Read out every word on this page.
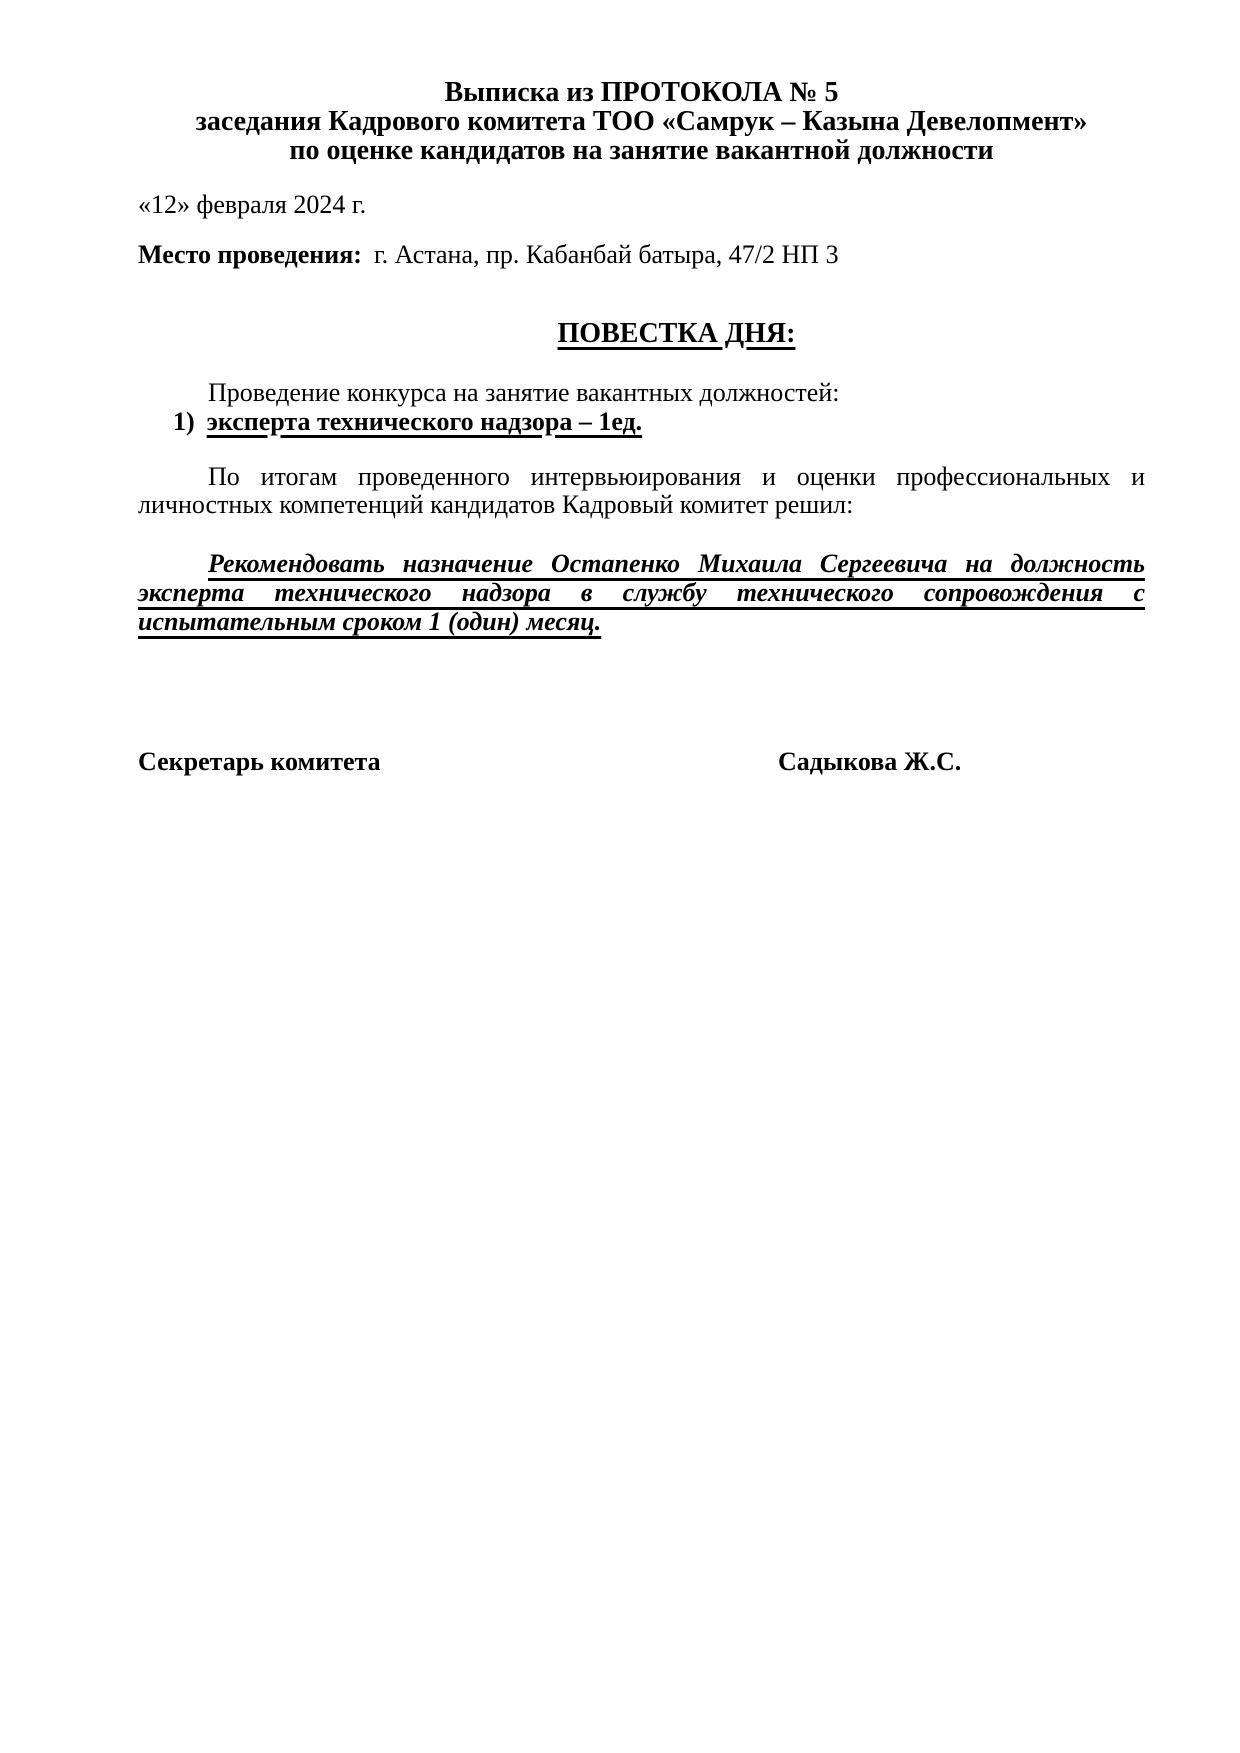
Выписка из ПРОТОКОЛА № 5
заседания Кадрового комитета ТОО «Самрук – Казына Девелопмент»
по оценке кандидатов на занятие вакантной должности
«12» февраля 2024 г.
Место проведения: г. Астана, пр. Кабанбай батыра, 47/2 НП 3
ПОВЕСТКА ДНЯ:
Проведение конкурса на занятие вакантных должностей:
1) эксперта технического надзора – 1ед.
По итогам проведенного интервьюирования и оценки профессиональных и личностных компетенций кандидатов Кадровый комитет решил:
Рекомендовать назначение Остапенко Михаила Сергеевича на должность эксперта технического надзора в службу технического сопровождения с испытательным сроком 1 (один) месяц.
Секретарь комитета	Садыкова Ж.С.
